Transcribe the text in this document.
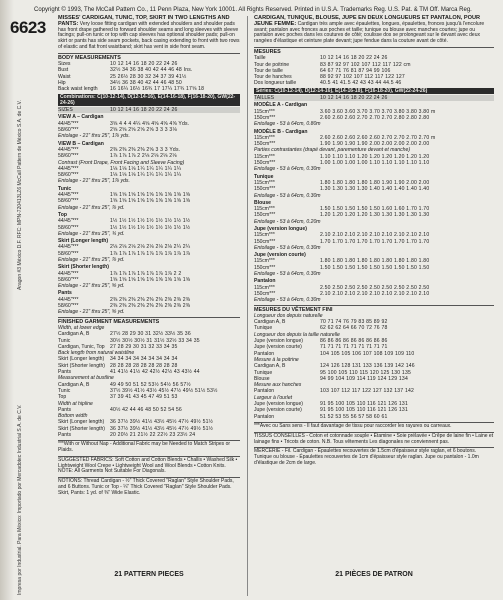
Copyright © 1993, The McCall Pattern Co., 11 Penn Plaza, New York 10001. All Rights Reserved. Printed in U.S.A. Trademarks Reg. U.S. Pat. & TM Off. Marca Reg.
6623
Aragon #3 México D.F. RFC: MPN-720413LZ6 McCall Pattern de México S.A. de C.V.
Impresa por Industrial. Para México: Importado por Mercadotec Industrial S.A. de C.V.
MISSES' CARDIGAN, TUNIC, TOP, SKIRT IN TWO LENGTHS AND PANTS: Very loose fitting cardigan with extended shoulders and shoulder pads has front drape gathered to forward shoulder seams and long sleeves with sleeve facings; pull-on tunic or top with cap sleeves has optional shoulder pads; pull-on skirt or pants has side seam pockets, back casing extending to front with two rows of elastic and flat front waistband; skirt has vent in side front seam.
BODY MEASUREMENTS
Sizes	10 12 14 16 18 20 22 24 26
Bust	32½ 34 36 38 40 42 44 46 48 Ins.
Waist	25 26½ 28 30 32 34 37 39 41½
Hip	34½ 36 38 40 42 44 46 48 50
Back waist length	16 16¼ 16½ 16¾ 17 17¼ 17¾ 17⅝ 18
Combinations: C(10-12-14), D(12-14-16), E(14-16-18), F(16-18-20), GW(22-24-26)
SIZES	10 12 14 16 18 20 22 24 26
VIEW A – Cardigan
44/45"***	3⅝ 4 4 4 4¼ 4⅝ 4⅝ 4⅝ 4⅝ Yds.
58/60"***	2⅝ 2⅝ 2⅝ 2⅝ 2⅝ 3 3 3 3⅛
Entolage - 21" thru 25", 1⅞ yds.
VIEW B – Cardigan
44/45"***	2⅜ 2⅜ 2⅜ 2⅜ 2⅝ 3 3 3 Yds.
58/60"***	1⅞ 1⅞ 1⅞ 2 2⅛ 2⅛ 2⅛ 2⅛
Contrast (Front Drape, Front Facing and Sleeve Facing)
44/45"***	1⅛ 1⅛ 1⅛ 1¼ 1¼ 1¼ 1¼ 1¼
58/60"***	1⅛ 1⅛ 1⅛ 1¼ 1¼ 1¼ 1¼ 1¼
Entolage - 21" thru 25", 1⅞ yds.
Tunic
44/45"***	1⅝ 1⅝ 1⅝ 1⅝ 1⅝ 1⅝ 1⅝ 1⅝ 1⅝
58/60"***	1⅝ 1⅝ 1⅝ 1⅝ 1⅝ 1⅝ 1⅝ 1⅝ 1⅝
Entolage - 21" thru 25", ⅞ yd.
Top
44/45"***	1½ 1½ 1½ 1½ 1½ 1½ 1½ 1½ 1½
58/60"***	1½ 1½ 1½ 1½ 1½ 1½ 1½ 1½ 1½
Entolage - 21" thru 25", ¾ yd.
Skirt (Longer length)
44/45"***	2⅛ 2⅛ 2⅛ 2⅛ 2⅛ 2⅛ 2⅛ 2¼ 2¼
58/60"***	1⅞ 1⅞ 1⅞ 1⅞ 1⅞ 1⅞ 1⅞ 1⅞ 1⅞
Entolage - 21" thru 25", ⅞ yd.
Skirt (Shorter length)
44/45"***	1⅞ 1⅞ 1⅞ 1⅞ 1⅞ 1⅞ 1⅞ 2 2
58/60"***	1⅝ 1⅝ 1⅝ 1⅝ 1⅝ 1⅝ 1⅝ 1⅝ 1⅝
Entolage - 21" thru 25", ⅝ yd.
Pants
44/45"***	2⅜ 2⅜ 2⅜ 2⅜ 2⅜ 2⅜ 2⅜ 2⅜ 2⅜
58/60"***	2⅜ 2⅜ 2⅜ 2⅜ 2⅜ 2⅜ 2⅜ 2⅜ 2⅜
Entolage - 21" thru 25", ⅝ yd.
FINISHED GARMENT MEASUREMENTS
Width, at lower edge
Cardigan A, B	27½ 28 29 30 31 32½ 33½ 35 36
Tunic	30½ 30½ 30½ 31 31½ 32½ 33 34 35
Cardigan, Tunic, Top	27 28 29 30 31 32 33 34 35
Back length from natural waistline
Skirt (Longer length)	34 34 34 34 34 34 34 34 34
Skirt (Shorter length) 28 28 28 28 28 28 28 28 28
Pants	41 41½ 41½ 42 42½ 42½ 43 43½ 44
Measurement at bustline
Cardigan A, B	49 49 50 51 52 53½ 54½ 56 57½
Tunic	37½ 39½ 41½ 43½ 45½ 47½ 49½ 51½ 53½
Top	37 39 41 43 45 47 49 51 53
Width at hipline
Pants	40½ 42 44 46 48 50 52 54 56
Bottom width
Skirt (Longer length)	36 37½ 39½ 41½ 43½ 45½ 47½ 49½ 51½
Skirt (Shorter length) 36 37½ 39½ 41½ 43½ 45½ 47½ 49½ 51½
Pants	20 20½ 21 21½ 22 22½ 23 23½ 24
***With or Without Nap - Additional Fabric may be Needed to Match Stripes or Plaids.
SUGGESTED FABRICS: Soft Cotton and Cotton Blends • Challis • Washed Silk • Lightweight Wool Crepe • Lightweight Wool and Wool Blends • Cotton Knits. NOTE: All Garments Not Suitable For Diagonals.
NOTIONS: Thread Cardigan - ½" Thick Covered "Raglan" Style Shoulder Pads, and 6 Buttons. Tunic or Top - ¼" Thick Covered "Raglan" Style Shoulder Pads. Skirt, Pants: 1 yd. of ⅜" Wide Elastic.
CARDIGAN, TUNIQUE, BLOUSE, JUPE EN DEUX LONGUEURS ET PANTALON, POUR JEUNE FEMME: Cardigan très ample avec épaulettes, longues, épaulettes, fronces jusqu'à l'encolure avant; pantalon avec fronces aux poches et taille; tunique ou blouse avec manches courtes; jupe ou pantalon avec poches dans les coutures de côté; coulisse dos se prolongeant sur le devant avec deux rangées d'élastique et ceinture plate devant; jupe fendue dans la couture avant de côté.
MESURES
Taille	10 12 14 16 18 20 22 24 26
Tour de poitrine	83 87 92 97 102 107 112 117 122 cm
Tour de taille	64 67 71 76 81 87 94 99 106
Tour de hanches	88 92 97 102 107 112 117 122 127
Dos longueur taille	40.5 41 41.5 42 43 43 44 44.5 46
Séries: C(10-12-14), D(12-14-16), E(14-16-18), F(16-18-20), GW(22-24-26)
TAILLES	10 12 14 16 18 20 22 24 26
MODÈLE A - Cardigan
115cm***	3.60 3.60 3.60 3.70 3.70 3.70 3.80 3.80 3.80 m
150cm***	2.60 2.60 2.60 2.70 2.70 2.70 2.80 2.80 2.80
Entoilage - 53 à 64cm, 0.80m
MODÈLE B - Cardigan
115cm***	2.60 2.60 2.60 2.60 2.60 2.70 2.70 2.70 2.70 m
150cm***	1.90 1.90 1.90 1.90 2.00 2.00 2.00 2.00 2.00
Parties contrastantes (drapé devant, parementure devant et manche)
115cm***	1.10 1.10 1.10 1.20 1.20 1.20 1.20 1.20 1.20
150cm***	1.00 1.00 1.00 1.00 1.10 1.10 1.10 1.10 1.10
Entoilage - 53 à 64cm, 0.30m
Tunique
115cm***	1.80 1.80 1.80 1.80 1.80 1.90 1.90 2.00 2.00
150cm***	1.30 1.30 1.30 1.30 1.40 1.40 1.40 1.40 1.40
Entoilage - 53 à 64cm, 0.30m
Blouse
115cm***	1.50 1.50 1.50 1.50 1.50 1.60 1.60 1.70 1.70
150cm***	1.20 1.20 1.20 1.20 1.30 1.30 1.30 1.30 1.30
Entoilage - 53 à 64cm, 0.20m
Jupe (version longue)
115cm***	2.10 2.10 2.10 2.10 2.10 2.10 2.10 2.10 2.10
150cm***	1.70 1.70 1.70 1.70 1.70 1.70 1.70 1.70 1.70
Entoilage - 53 à 64cm, 0.30m
Jupe (version courte)
115cm***	1.80 1.80 1.80 1.80 1.80 1.80 1.80 1.80 1.80
150cm***	1.50 1.50 1.50 1.50 1.50 1.50 1.50 1.50 1.50
Entoilage - 53 à 64cm, 0.30m
Pantalon
115cm***	2.50 2.50 2.50 2.50 2.50 2.50 2.50 2.50 2.50
150cm***	2.10 2.10 2.10 2.10 2.10 2.10 2.10 2.10 2.10
Entoilage - 53 à 64cm, 0.30m
MESURES DU VÊTEMENT FINI
Longueur dos depuis naturelle
Cardigan A, B	70 71 74 76 79 83 85 89 92
Tunique	62 62 62 64 66 70 72 76 78
Longueur dos depuis la taille naturelle
Jupe (version longue)	86 86 86 86 86 86 86 86 86
Jupe (version courte)	71 71 71 71 71 71 71 71 71
Pantalon	104 105 105 106 107 108 109 109 110
Mesure à la poitrine
Cardigan A, B	124 126 128 131 133 136 139 142 146
Tunique	95 100 105 110 115 120 125 130 135
Blouse	94 99 104 109 114 119 124 129 134
Mesure aux hanches
Pantalon	103 107 112 117 122 127 132 137 142
Largeur à l'ourlet
Jupe (version longue)	91 95 100 105 110 116 121 126 131
Jupe (version courte)	91 95 100 105 110 116 121 126 131
Pantalon	51 52 53 55 56 57 58 60 61
***Avec ou Sans sens - Il faut davantage de tissu pour raccorder les rayures ou carreaux.
TISSUS CONSEILLÉS - Coton et cotonnade souple • Étamine • Soie prélavée • Crêpe de laine fin • Laine et lainage fins • Tricots de coton. N.B. Tous vêtements Les diagonales ne conviennent pas.
MERCERIE - Fil. Cardigan - Épaulettes recouvertes de 1.5cm d'épaisseur style raglan, et 6 boutons. Tunique ou blouse - Épaulettes recouvertes de 1cm d'épaisseur style raglan. Jupe ou pantalon - 1.0m d'élastique de 2cm de large.
21 PATTERN PIECES	21 PIÈCES DE PATRON
